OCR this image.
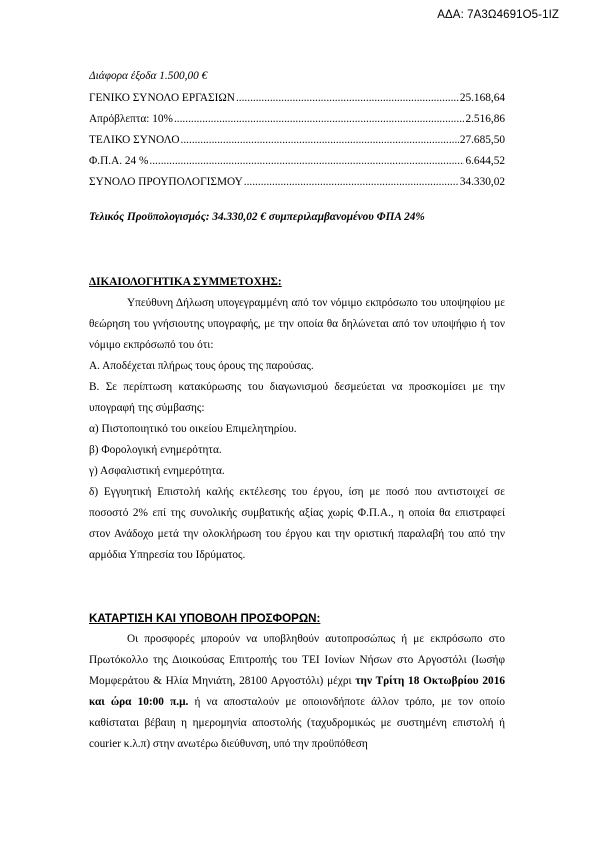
ΑΔΑ: 7Α3Ω4691Ο5-1ΙΖ
Διάφορα έξοδα 1.500,00 €
ΓΕΝΙΚΟ ΣΥΝΟΛΟ ΕΡΓΑΣΙΩΝ .....	25.168,64
Απρόβλεπτα: 10% .....	2.516,86
ΤΕΛΙΚΟ ΣΥΝΟΛΟ .....	27.685,50
Φ.Π.Α. 24 % .....	6.644,52
ΣΥΝΟΛΟ ΠΡΟΥΠΟΛΟΓΙΣΜΟΥ .....	34.330,02
Τελικός Προϋπολογισμός: 34.330,02 € συμπεριλαμβανομένου ΦΠΑ 24%
ΔΙΚΑΙΟΛΟΓΗΤΙΚΑ ΣΥΜΜΕΤΟΧΗΣ:
Υπεύθυνη Δήλωση υπογεγραμμένη από τον νόμιμο εκπρόσωπο του υποψηφίου με θεώρηση του γνήσιουτης υπογραφής, με την οποία θα δηλώνεται από τον υποψήφιο ή τον νόμιμο εκπρόσωπό του ότι:
Α. Αποδέχεται πλήρως τους όρους της παρούσας.
Β. Σε περίπτωση κατακύρωσης του διαγωνισμού δεσμεύεται να προσκομίσει με την υπογραφή της σύμβασης:
α) Πιστοποιητικό του οικείου Επιμελητηρίου.
β) Φορολογική ενημερότητα.
γ) Ασφαλιστική ενημερότητα.
δ) Εγγυητική Επιστολή καλής εκτέλεσης του έργου, ίση με ποσό που αντιστοιχεί σε ποσοστό 2% επί της συνολικής συμβατικής αξίας χωρίς Φ.Π.Α., η οποία θα επιστραφεί στον Ανάδοχο μετά την ολοκλήρωση του έργου και την οριστική παραλαβή του από την αρμόδια Υπηρεσία του Ιδρύματος.
ΚΑΤΑΡΤΙΣΗ ΚΑΙ ΥΠΟΒΟΛΗ ΠΡΟΣΦΟΡΩΝ:
Οι προσφορές μπορούν να υποβληθούν αυτοπροσώπως ή με εκπρόσωπο στο Πρωτόκολλο της Διοικούσας Επιτροπής του ΤΕΙ Ιονίων Νήσων στο Αργοστόλι (Ιωσήφ Μομφεράτου & Ηλία Μηνιάτη, 28100 Αργοστόλι) μέχρι την Τρίτη 18 Οκτωβρίου 2016 και ώρα 10:00 π.μ. ή να αποσταλούν με οποιονδήποτε άλλον τρόπο, με τον οποίο καθίσταται βέβαιη η ημερομηνία αποστολής (ταχυδρομικώς με συστημένη επιστολή ή courier κ.λ.π) στην ανωτέρω διεύθυνση, υπό την προϋπόθεση
